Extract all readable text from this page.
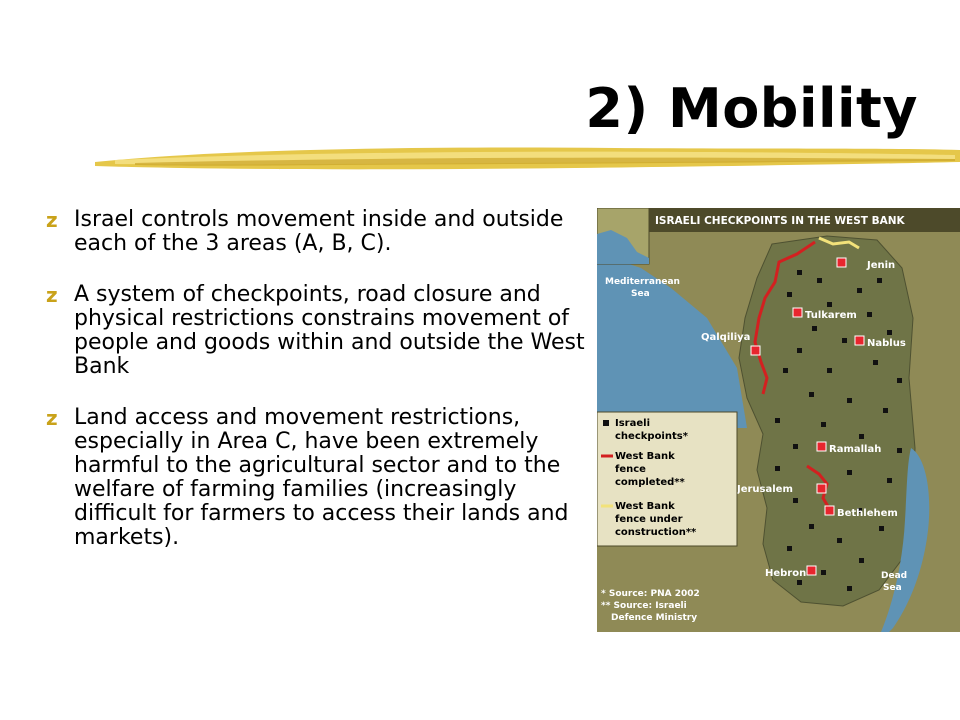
2) Mobility
z Israel controls movement inside and outside each of the 3 areas (A, B, C).
z A system of checkpoints, road closure and physical restrictions constrains movement of people and goods within and outside the West Bank
z Land access and movement restrictions, especially in Area C, have been extremely harmful to the agricultural sector and to the welfare of farming families (increasingly difficult for farmers to access their lands and markets).
ISRAELI CHECKPOINTS IN THE WEST BANK
Mediterranean
Sea
Dead
Sea
Jenin
Tulkarem
Qalqiliya
Nablus
Ramallah
Jerusalem
Bethlehem
Hebron
Israeli
checkpoints*
West Bank
fence
completed**
West Bank
fence under
construction**
* Source: PNA 2002
** Source: Israeli
Defence Ministry
